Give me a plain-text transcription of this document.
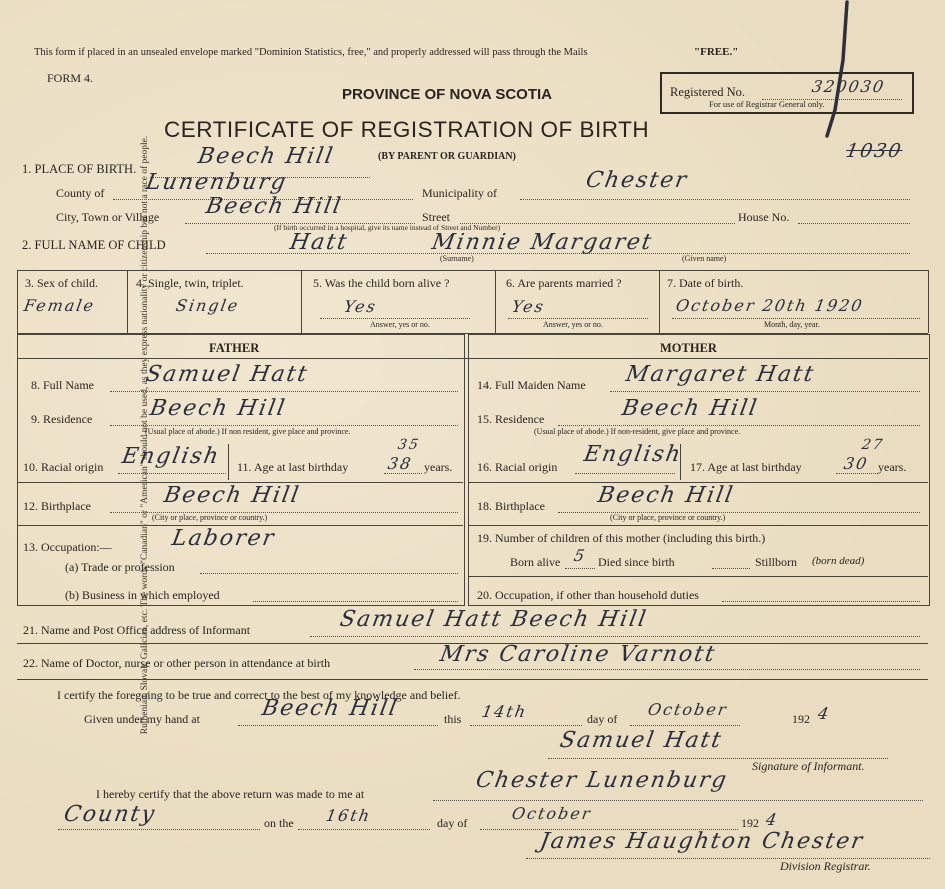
Ruthenian, Slovak, Galician, etc. The words "Canadian" or "American" should not be used, as they express nationality or citizenship but not a race of people.
This form if placed in an unsealed envelope marked "Dominion Statistics, free," and properly addressed will pass through the Mails	"FREE."
FORM 4.
PROVINCE OF NOVA SCOTIA
CERTIFICATE OF REGISTRATION OF BIRTH
(BY PARENT OR GUARDIAN)
Registered No.	320030
For use of Registrar General only.
1030
1. PLACE OF BIRTH.	Beech Hill
County of Lunenburg	Municipality of	Chester
City, Town or Village Beech Hill	Street	House No.
(If birth occurred in a hospital, give its name instead of Street and Number)
2. FULL NAME OF CHILD	Hatt	Minnie Margaret
(Surname)	(Given name)
3. Sex of child.
Female
4. Single, twin, triplet.
Single
5. Was the child born alive ?
Yes
Answer, yes or no.
6. Are parents married ?
Yes
Answer, yes or no.
7. Date of birth.
October 20th 1920
Month, day, year.
FATHER	MOTHER
8. Full Name Samuel Hatt
9. Residence	Beech Hill
(Usual place of abode.) If non resident, give place and province.
10. Racial origin English 11. Age at last birthday 38
35
years.
12. Birthplace	Beech Hill
(City or place, province or country.)
13. Occupation:—	Laborer
(a) Trade or profession
(b) Business in which employed
14. Full Maiden Name Margaret Hatt
15. Residence	Beech Hill
(Usual place of abode.) If non-resident, give place and province.
16. Racial origin English 17. Age at last birthday	30
27
years.
18. Birthplace Beech Hill
(City or place, province or country.)
19. Number of children of this mother (including this birth.)
Born alive 5 Died since birth	Stillborn (born dead)
20. Occupation, if other than household duties
21. Name and Post Office address of Informant	Samuel Hatt Beech Hill
22. Name of Doctor, nurse or other person in attendance at birth	Mrs Caroline Varnott
I certify the foregoing to be true and correct to the best of my knowledge and belief.
Given under my hand at	Beech Hill	this 14th	day of October	192 4
Samuel Hatt
Signature of Informant.
I hereby certify that the above return was made to me at
Chester Lunenburg
County	on the 16th	day of	October	192 4
James Haughton Chester
Division Registrar.
